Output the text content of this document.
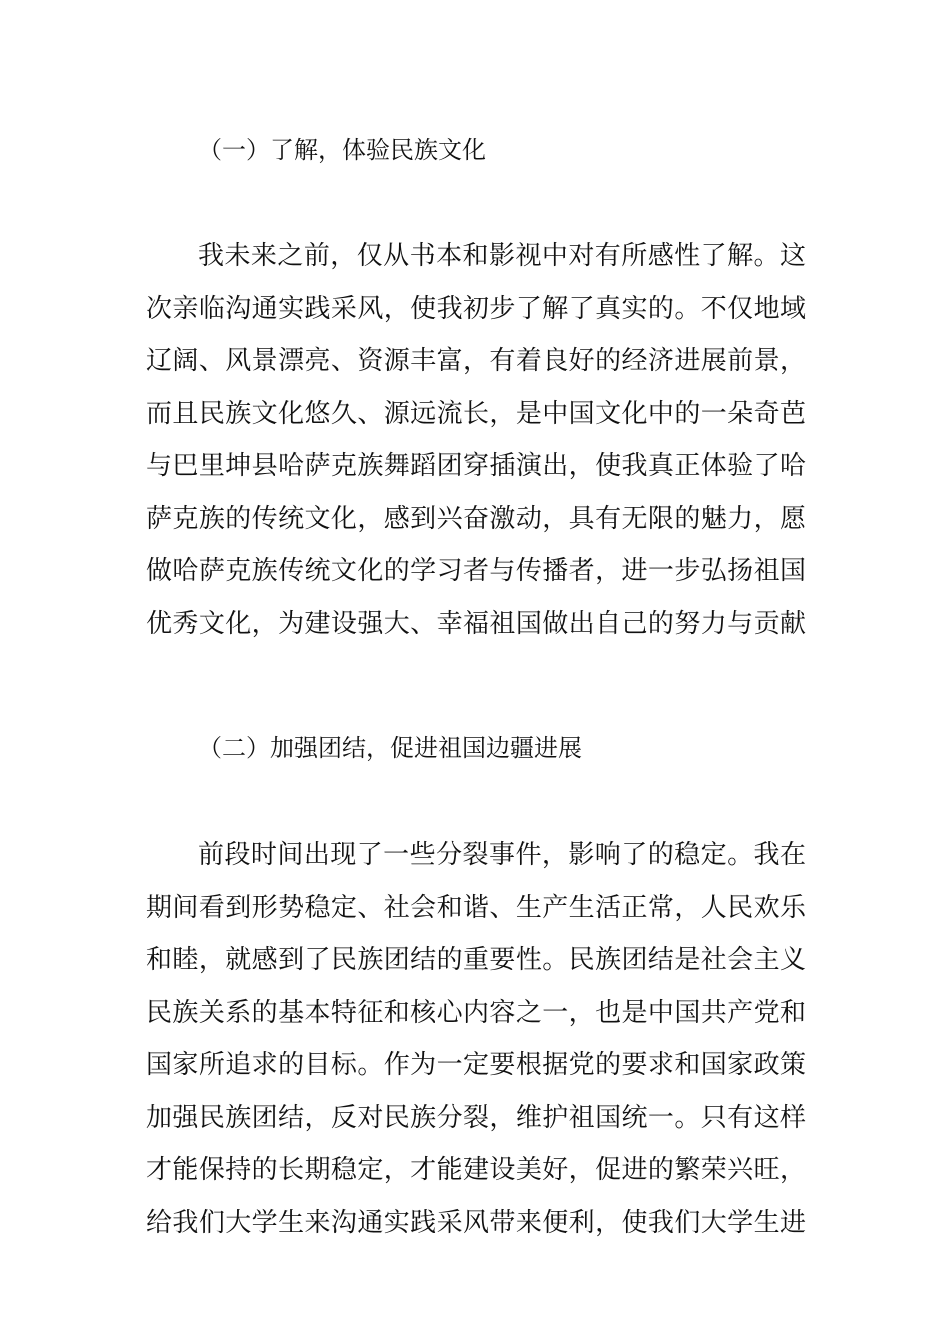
（一）了解，体验民族文化
我未来之前，仅从书本和影视中对有所感性了解。这
次亲临沟通实践采风，使我初步了解了真实的。不仅地域
辽阔、风景漂亮、资源丰富，有着良好的经济进展前景，
而且民族文化悠久、源远流长，是中国文化中的一朵奇芭
与巴里坤县哈萨克族舞蹈团穿插演出，使我真正体验了哈
萨克族的传统文化，感到兴奋激动，具有无限的魅力，愿
做哈萨克族传统文化的学习者与传播者，进一步弘扬祖国
优秀文化，为建设强大、幸福祖国做出自己的努力与贡献
（二）加强团结，促进祖国边疆进展
前段时间出现了一些分裂事件，影响了的稳定。我在
期间看到形势稳定、社会和谐、生产生活正常，人民欢乐
和睦，就感到了民族团结的重要性。民族团结是社会主义
民族关系的基本特征和核心内容之一，也是中国共产党和
国家所追求的目标。作为一定要根据党的要求和国家政策
加强民族团结，反对民族分裂，维护祖国统一。只有这样
才能保持的长期稳定，才能建设美好，促进的繁荣兴旺，
给我们大学生来沟通实践采风带来便利，使我们大学生进
